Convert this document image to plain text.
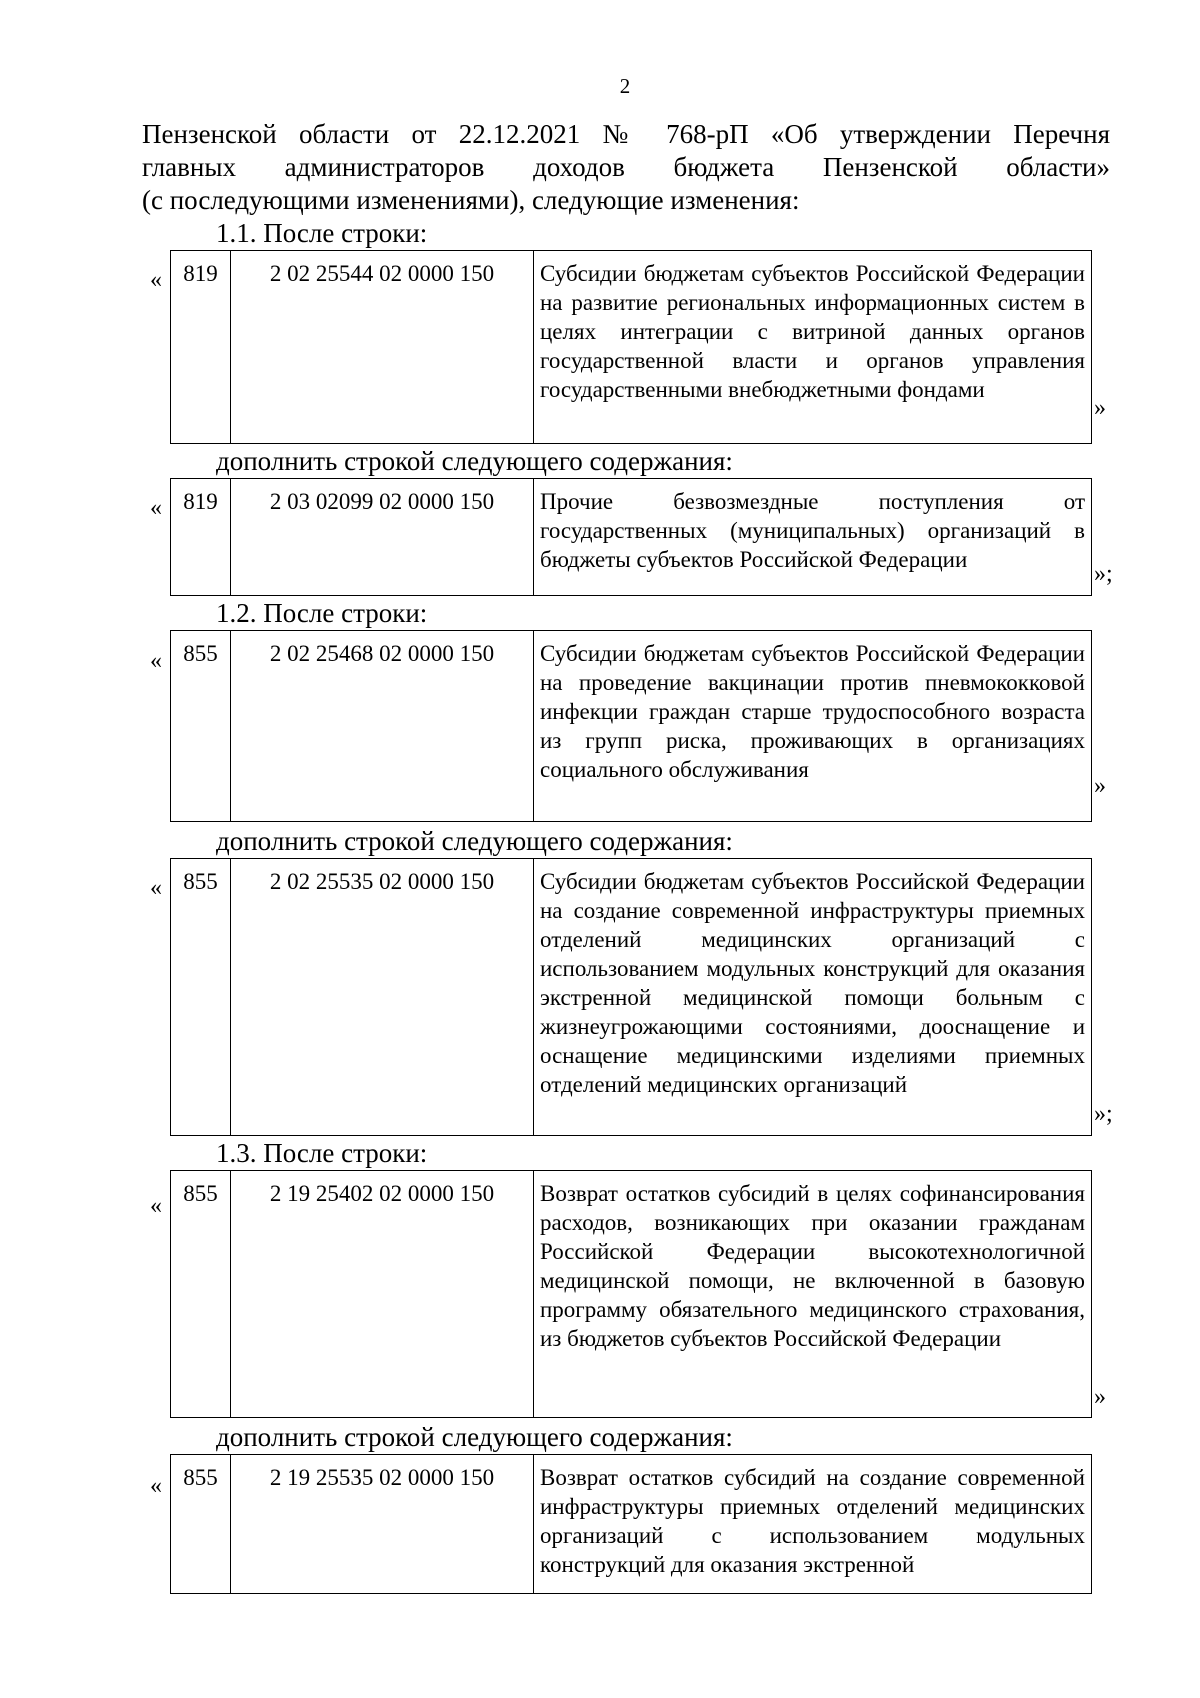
2
Пензенской области от 22.12.2021 № 768-рП «Об утверждении Перечня
главных администраторов доходов бюджета Пензенской области»
(с последующими изменениями), следующие изменения:
1.1. После строки:
« 819	2 02 25544 02 0000 150	Субсидии бюджетам субъектов Российской Федерации на развитие региональных информационных систем в целях интеграции с витриной данных органов государственной власти и органов управления государственными внебюджетными фондами
»
дополнить строкой следующего содержания:
« 819	2 03 02099 02 0000 150	Прочие безвозмездные поступления от государственных (муниципальных) организаций в бюджеты субъектов Российской Федерации
»;
1.2. После строки:
« 855	2 02 25468 02 0000 150	Субсидии бюджетам субъектов Российской Федерации на проведение вакцинации против пневмококковой инфекции граждан старше трудоспособного возраста из групп риска, проживающих в организациях социального обслуживания
»
дополнить строкой следующего содержания:
« 855	2 02 25535 02 0000 150	Субсидии бюджетам субъектов Российской Федерации на создание современной инфраструктуры приемных отделений медицинских организаций с использованием модульных конструкций для оказания экстренной медицинской помощи больным с жизнеугрожающими состояниями, дооснащение и оснащение медицинскими изделиями приемных отделений медицинских организаций
»;
1.3. После строки:
« 855	2 19 25402 02 0000 150	Возврат остатков субсидий в целях софинансирования расходов, возникающих при оказании гражданам Российской Федерации высокотехнологичной медицинской помощи, не включенной в базовую программу обязательного медицинского страхования, из бюджетов субъектов Российской Федерации
»
дополнить строкой следующего содержания:
« 855	2 19 25535 02 0000 150	Возврат остатков субсидий на создание современной инфраструктуры приемных отделений медицинских организаций с использованием модульных конструкций для оказания экстренной
